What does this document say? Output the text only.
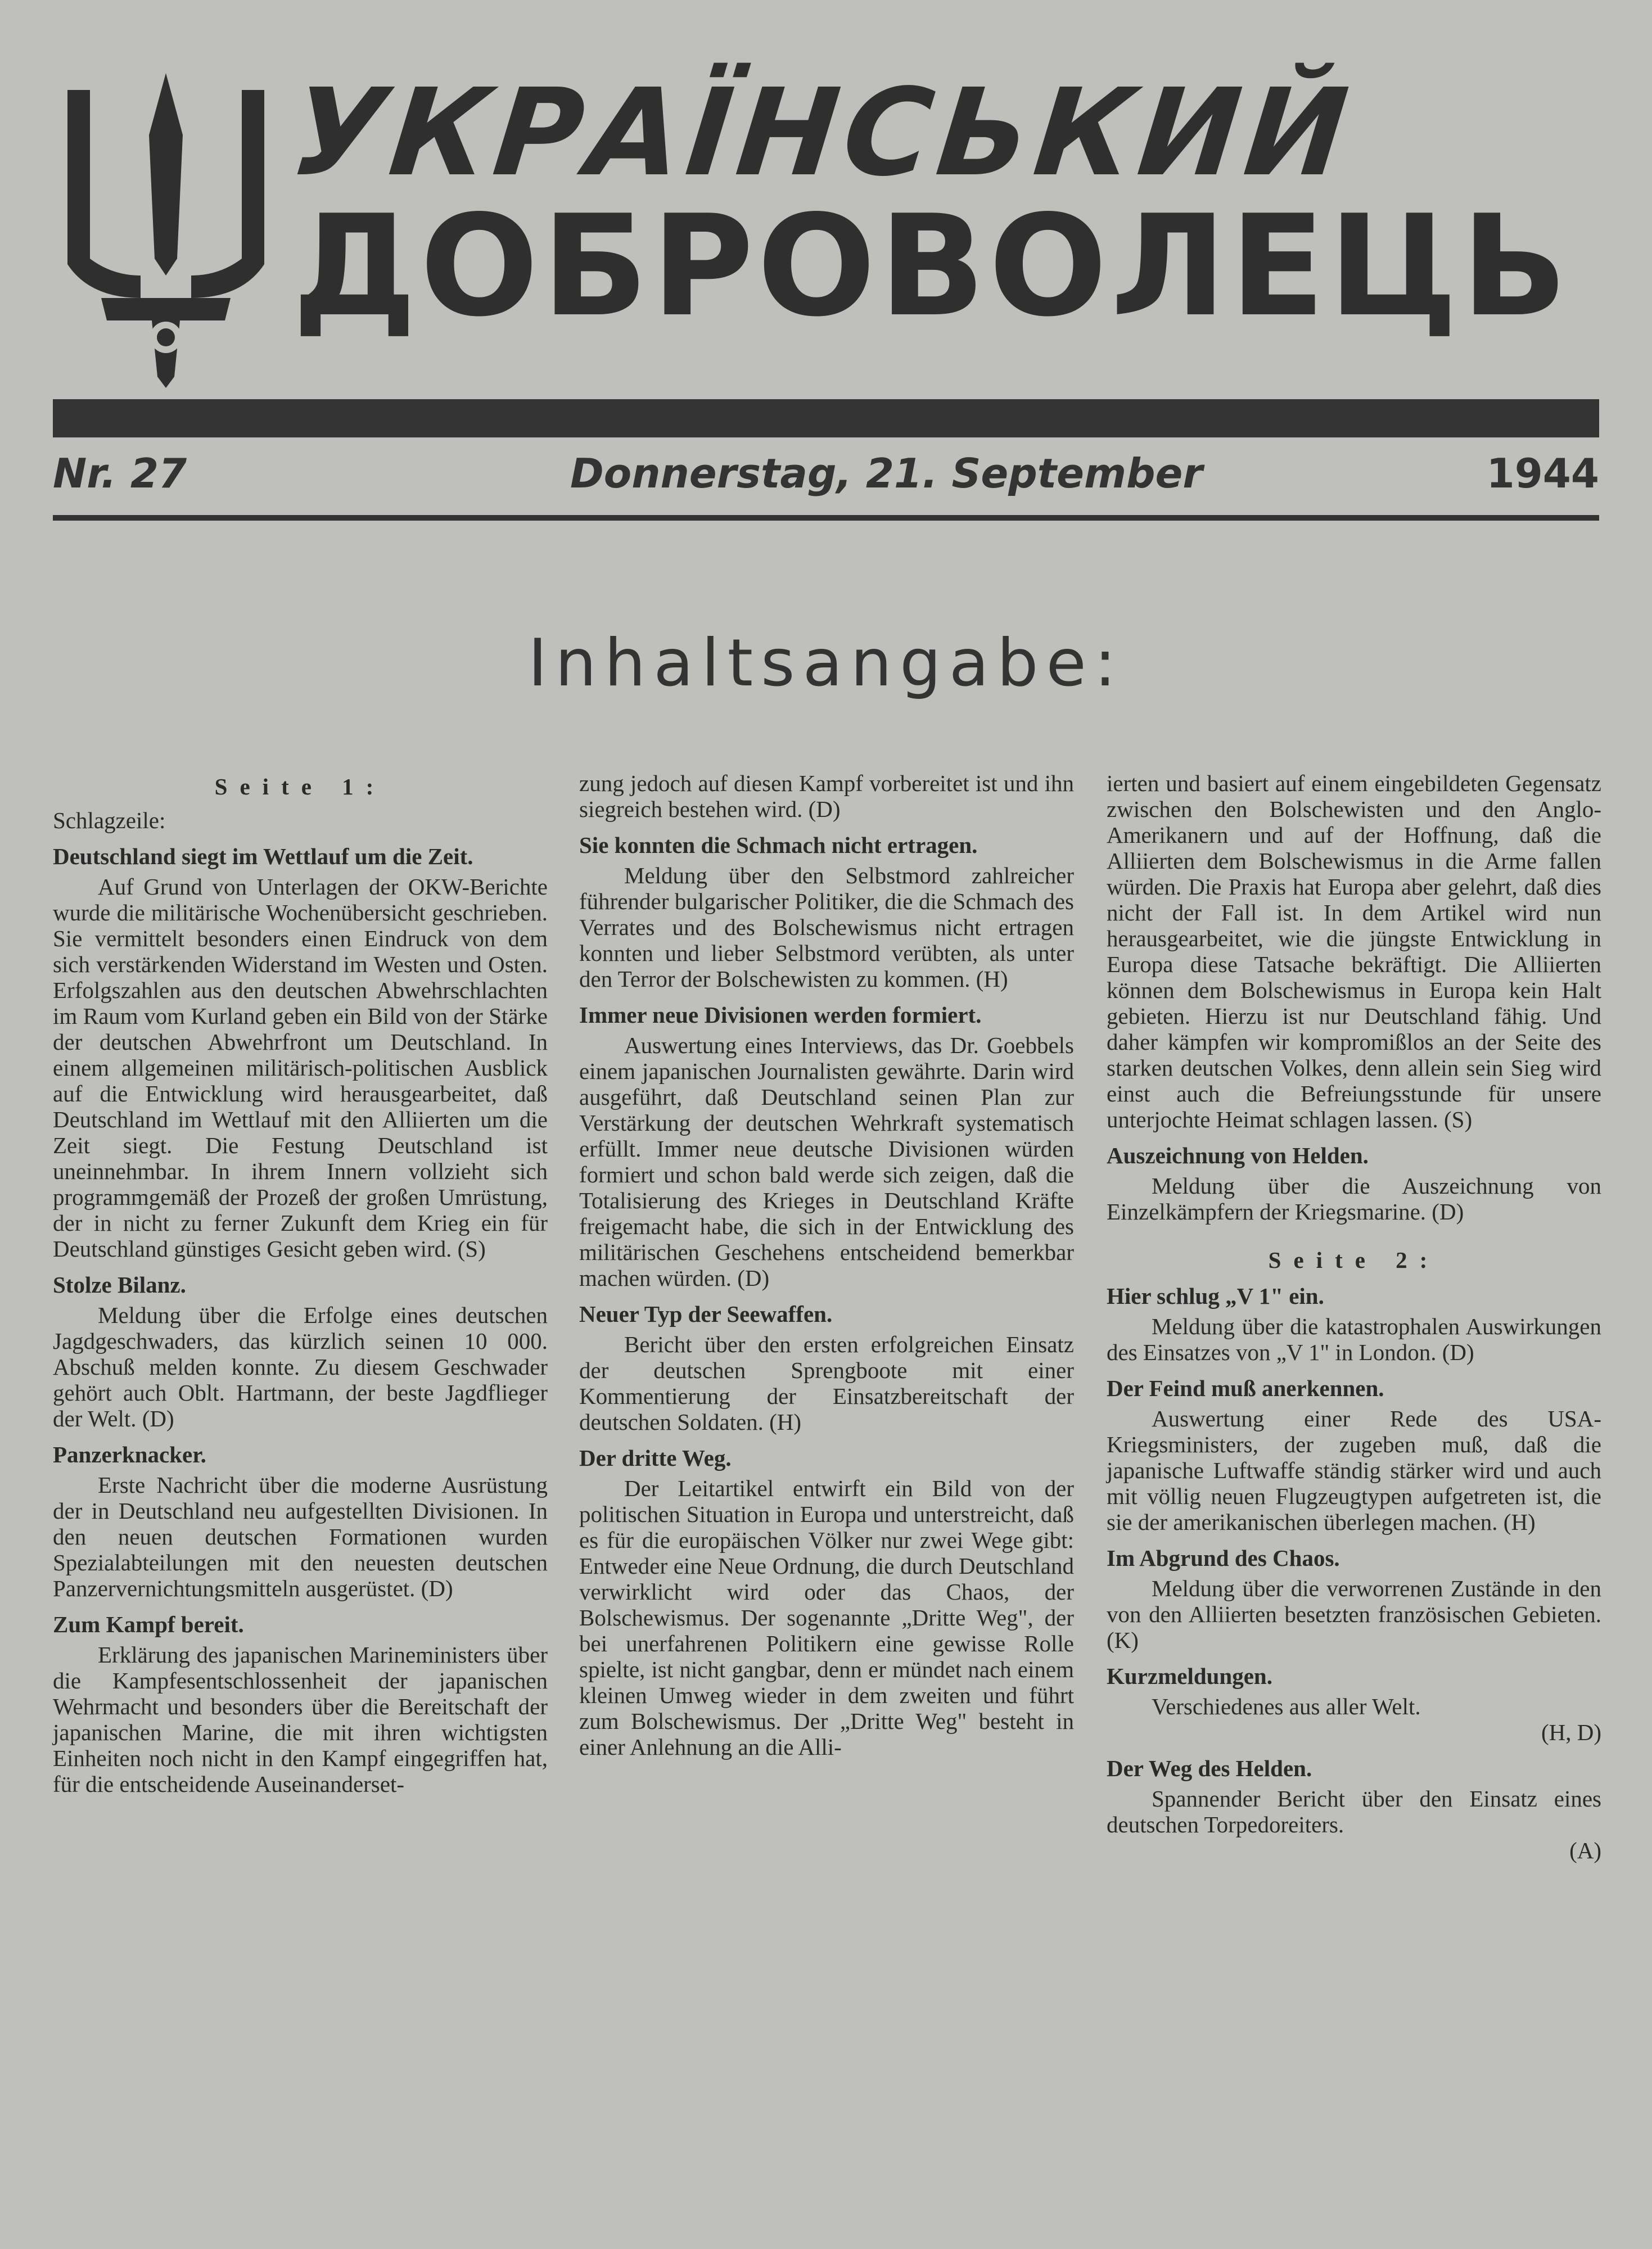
УКРАЇНСЬКИЙ
ДОБРОВОЛЕЦЬ
Nr. 27	Donnerstag, 21. September	1944
Inhaltsangabe:
Seite 1:

Schlagzeile:

Deutschland siegt im Wettlauf um die Zeit.

Auf Grund von Unterlagen der OKW-Berichte wurde die militärische Wochenübersicht geschrieben. Sie vermittelt besonders einen Eindruck von dem sich verstärkenden Widerstand im Westen und Osten. Erfolgszahlen aus den deutschen Abwehrschlachten im Raum vom Kurland geben ein Bild von der Stärke der deutschen Abwehrfront um Deutschland. In einem allgemeinen militärisch-politischen Ausblick auf die Entwicklung wird herausgearbeitet, daß Deutschland im Wettlauf mit den Alliierten um die Zeit siegt. Die Festung Deutschland ist uneinnehmbar. In ihrem Innern vollzieht sich programmgemäß der Prozeß der großen Umrüstung, der in nicht zu ferner Zukunft dem Krieg ein für Deutschland günstiges Gesicht geben wird. (S)

Stolze Bilanz.

Meldung über die Erfolge eines deutschen Jagdgeschwaders, das kürzlich seinen 10 000. Abschuß melden konnte. Zu diesem Geschwader gehört auch Oblt. Hartmann, der beste Jagdflieger der Welt. (D)

Panzerknacker.

Erste Nachricht über die moderne Ausrüstung der in Deutschland neu aufgestellten Divisionen. In den neuen deutschen Formationen wurden Spezialabteilungen mit den neuesten deutschen Panzervernichtungsmitteln ausgerüstet. (D)

Zum Kampf bereit.

Erklärung des japanischen Marineministers über die Kampfesentschlossenheit der japanischen Wehrmacht und besonders über die Bereitschaft der japanischen Marine, die mit ihren wichtigsten Einheiten noch nicht in den Kampf eingegriffen hat, für die entscheidende Auseinanderset-

zung jedoch auf diesen Kampf vorbereitet ist und ihn siegreich bestehen wird. (D)

Sie konnten die Schmach nicht ertragen.

Meldung über den Selbstmord zahlreicher führender bulgarischer Politiker, die die Schmach des Verrates und des Bolschewismus nicht ertragen konnten und lieber Selbstmord verübten, als unter den Terror der Bolschewisten zu kommen. (H)

Immer neue Divisionen werden formiert.

Auswertung eines Interviews, das Dr. Goebbels einem japanischen Journalisten gewährte. Darin wird ausgeführt, daß Deutschland seinen Plan zur Verstärkung der deutschen Wehrkraft systematisch erfüllt. Immer neue deutsche Divisionen würden formiert und schon bald werde sich zeigen, daß die Totalisierung des Krieges in Deutschland Kräfte freigemacht habe, die sich in der Entwicklung des militärischen Geschehens entscheidend bemerkbar machen würden. (D)

Neuer Typ der Seewaffen.

Bericht über den ersten erfolgreichen Einsatz der deutschen Sprengboote mit einer Kommentierung der Einsatzbereitschaft der deutschen Soldaten. (H)

Der dritte Weg.

Der Leitartikel entwirft ein Bild von der politischen Situation in Europa und unterstreicht, daß es für die europäischen Völker nur zwei Wege gibt: Entweder eine Neue Ordnung, die durch Deutschland verwirklicht wird oder das Chaos, der Bolschewismus. Der sogenannte „Dritte Weg", der bei unerfahrenen Politikern eine gewisse Rolle spielte, ist nicht gangbar, denn er mündet nach einem kleinen Umweg wieder in dem zweiten und führt zum Bolschewismus. Der „Dritte Weg" besteht in einer Anlehnung an die Alli-

ierten und basiert auf einem eingebildeten Gegensatz zwischen den Bolschewisten und den Anglo-Amerikanern und auf der Hoffnung, daß die Alliierten dem Bolschewismus in die Arme fallen würden. Die Praxis hat Europa aber gelehrt, daß dies nicht der Fall ist. In dem Artikel wird nun herausgearbeitet, wie die jüngste Entwicklung in Europa diese Tatsache bekräftigt. Die Alliierten können dem Bolschewismus in Europa kein Halt gebieten. Hierzu ist nur Deutschland fähig. Und daher kämpfen wir kompromißlos an der Seite des starken deutschen Volkes, denn allein sein Sieg wird einst auch die Befreiungsstunde für unsere unterjochte Heimat schlagen lassen. (S)

Auszeichnung von Helden.

Meldung über die Auszeichnung von Einzelkämpfern der Kriegsmarine. (D)

Seite 2:
Hier schlug „V 1" ein.

Meldung über die katastrophalen Auswirkungen des Einsatzes von „V 1" in London. (D)

Der Feind muß anerkennen.

Auswertung einer Rede des USA-Kriegsministers, der zugeben muß, daß die japanische Luftwaffe ständig stärker wird und auch mit völlig neuen Flugzeugtypen aufgetreten ist, die sie der amerikanischen überlegen machen. (H)

Im Abgrund des Chaos.

Meldung über die verworrenen Zustände in den von den Alliierten besetzten französischen Gebieten. (K)

Kurzmeldungen.

Verschiedenes aus aller Welt.

(H, D)

Der Weg des Helden.

Spannender Bericht über den Einsatz eines deutschen Torpedoreiters.

(A)
